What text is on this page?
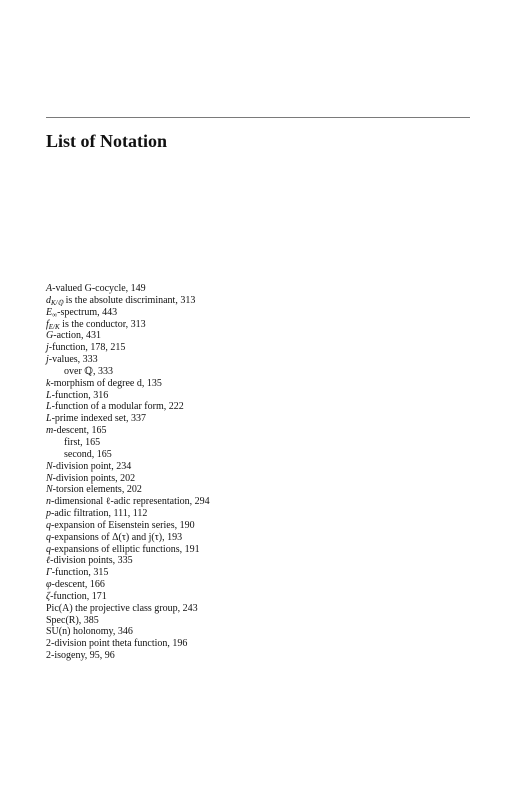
List of Notation
A-valued G-cocycle, 149
$d_{K/ℚ}$ is the absolute discriminant, 313
$E_\infty$-spectrum, 443
$f_{E/K}$ is the conductor, 313
G-action, 431
j-function, 178, 215
j-values, 333
over ℚ, 333
k-morphism of degree d, 135
L-function, 316
L-function of a modular form, 222
L-prime indexed set, 337
m-descent, 165
first, 165
second, 165
N-division point, 234
N-division points, 202
N-torsion elements, 202
n-dimensional ℓ-adic representation, 294
p-adic filtration, 111, 112
q-expansion of Eisenstein series, 190
q-expansions of Δ(τ) and j(τ), 193
q-expansions of elliptic functions, 191
ℓ-division points, 335
Γ-function, 315
φ-descent, 166
ζ-function, 171
Pic(A) the projective class group, 243
Spec(R), 385
SU(n) holonomy, 346
2-division point theta function, 196
2-isogeny, 95, 96
